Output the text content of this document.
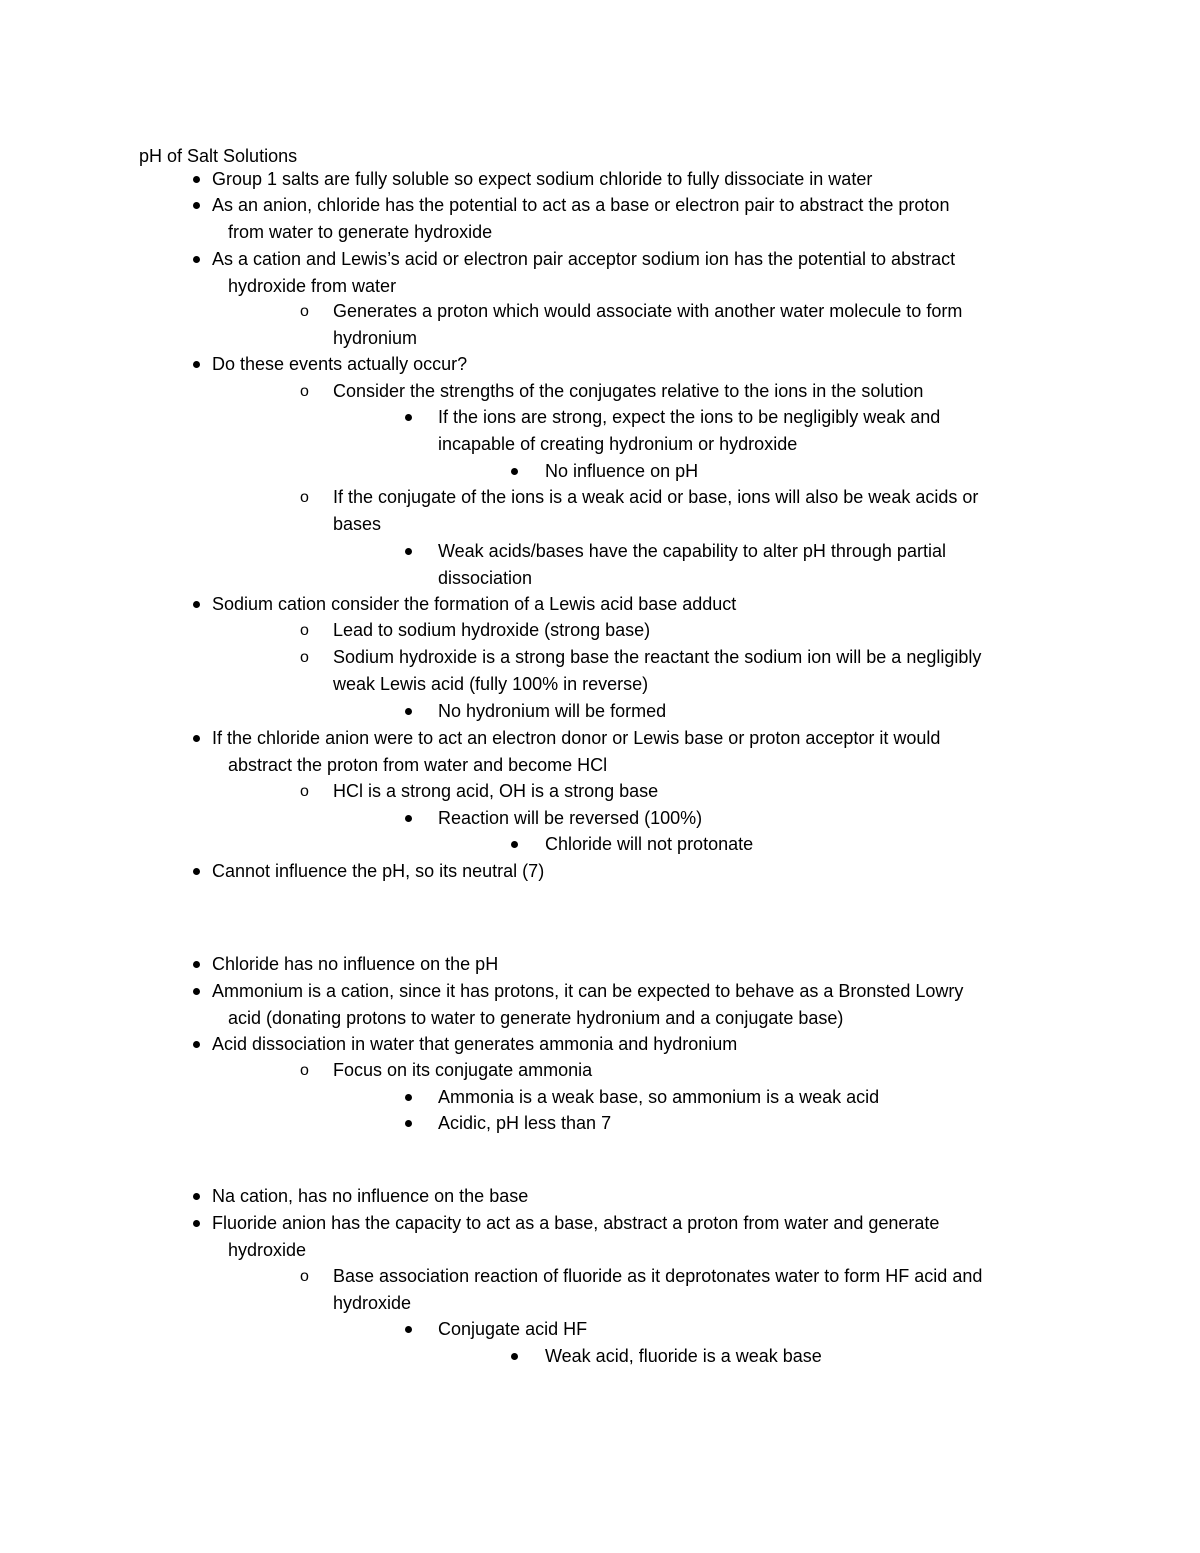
pH of Salt Solutions
Group 1 salts are fully soluble so expect sodium chloride to fully dissociate in water
As an anion, chloride has the potential to act as a base or electron pair to abstract the proton
from water to generate hydroxide
As a cation and Lewis’s acid or electron pair acceptor sodium ion has the potential to abstract
hydroxide from water
o	Generates a proton which would associate with another water molecule to form
hydronium
Do these events actually occur?
o	Consider the strengths of the conjugates relative to the ions in the solution
If the ions are strong, expect the ions to be negligibly weak and
incapable of creating hydronium or hydroxide
No influence on pH
o	If the conjugate of the ions is a weak acid or base, ions will also be weak acids or
bases
Weak acids/bases have the capability to alter pH through partial
dissociation
Sodium cation consider the formation of a Lewis acid base adduct
o	Lead to sodium hydroxide (strong base)
o	Sodium hydroxide is a strong base the reactant the sodium ion will be a negligibly
weak Lewis acid (fully 100% in reverse)
No hydronium will be formed
If the chloride anion were to act an electron donor or Lewis base or proton acceptor it would
abstract the proton from water and become HCl
o	HCl is a strong acid, OH is a strong base
Reaction will be reversed (100%)
Chloride will not protonate
Cannot influence the pH, so its neutral (7)
Chloride has no influence on the pH
Ammonium is a cation, since it has protons, it can be expected to behave as a Bronsted Lowry
acid (donating protons to water to generate hydronium and a conjugate base)
Acid dissociation in water that generates ammonia and hydronium
o	Focus on its conjugate ammonia
Ammonia is a weak base, so ammonium is a weak acid
Acidic, pH less than 7
Na cation, has no influence on the base
Fluoride anion has the capacity to act as a base, abstract a proton from water and generate
hydroxide
o	Base association reaction of fluoride as it deprotonates water to form HF acid and
hydroxide
Conjugate acid HF
Weak acid, fluoride is a weak base
